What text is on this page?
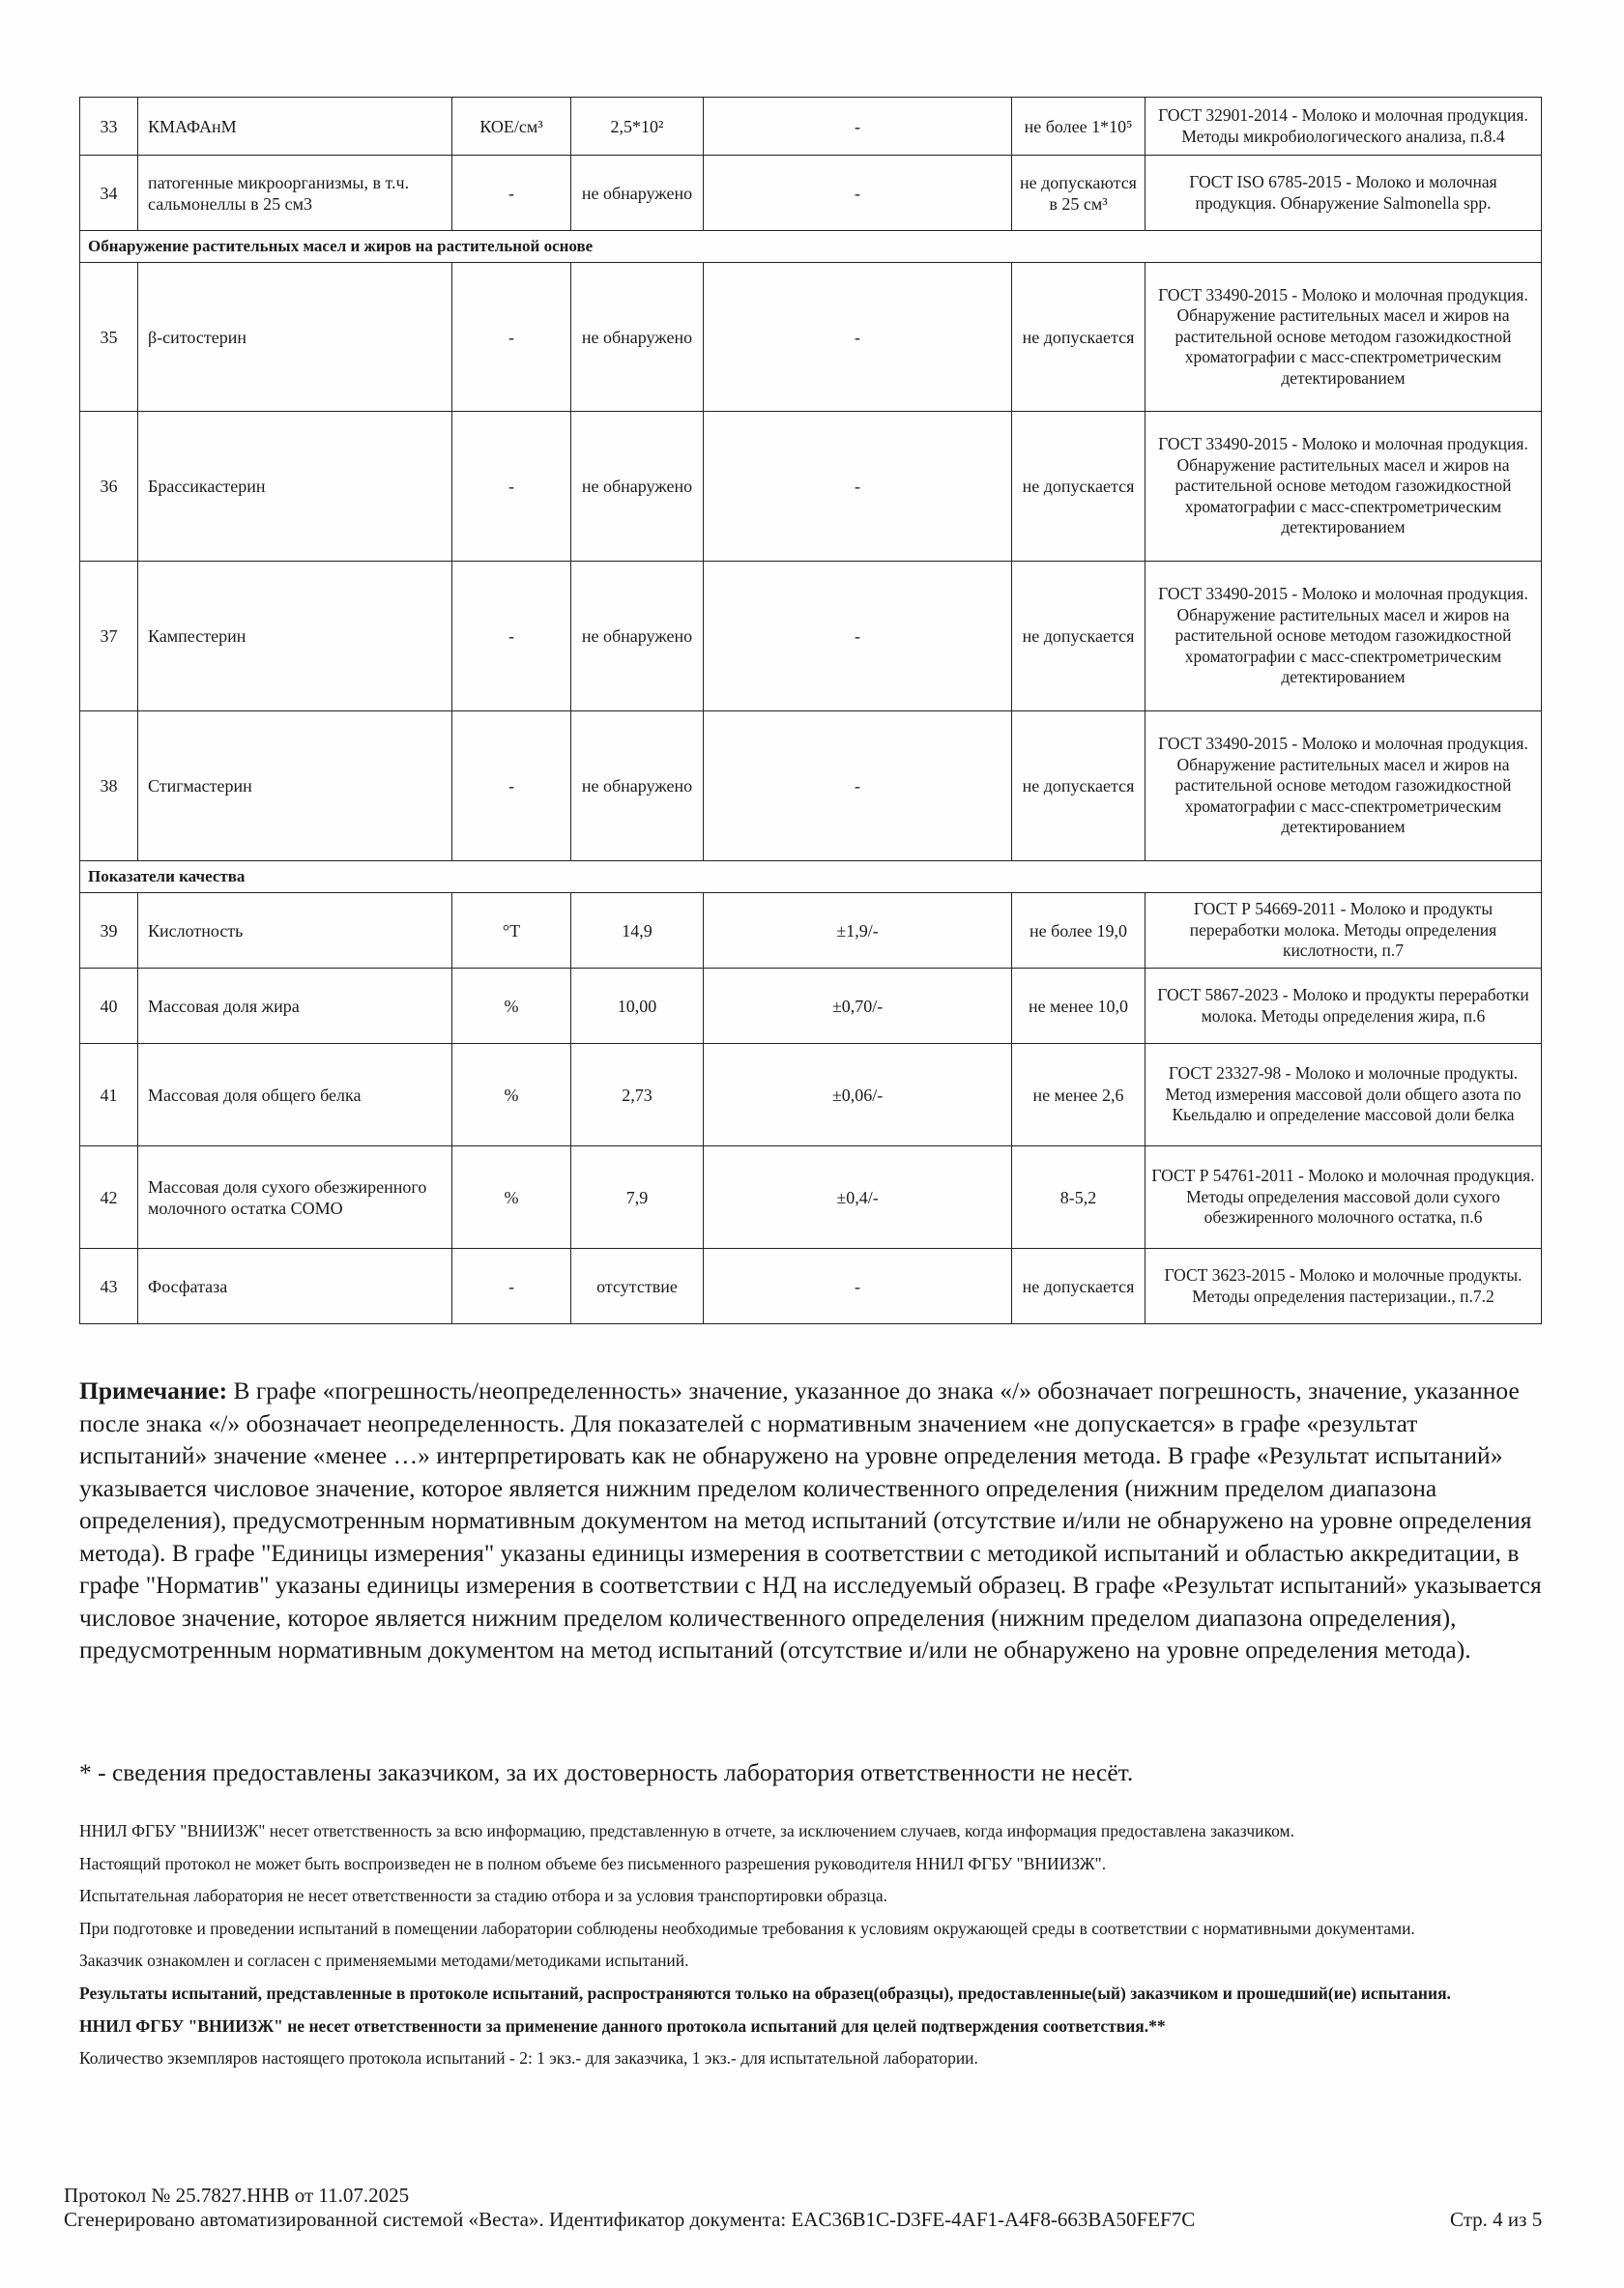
33	КМАФАнМ	КОЕ/см³	2,5*10²	-	не более 1*10⁵	ГОСТ 32901-2014 - Молоко и молочная продукция. Методы микробиологического анализа, п.8.4
34	патогенные микроорганизмы, в т.ч. сальмонеллы в 25 см3	-	не обнаружено	-	не допускаются в 25 см³	ГОСТ ISO 6785-2015 - Молоко и молочная продукция. Обнаружение Salmonella spp.
Обнаружение растительных масел и жиров на растительной основе						
35	β-ситостерин	-	не обнаружено	-	не допускается	ГОСТ 33490-2015 - Молоко и молочная продукция. Обнаружение растительных масел и жиров на растительной основе методом газожидкостной хроматографии с масс-спектрометрическим детектированием
36	Брассикастерин	-	не обнаружено	-	не допускается	ГОСТ 33490-2015 - Молоко и молочная продукция. Обнаружение растительных масел и жиров на растительной основе методом газожидкостной хроматографии с масс-спектрометрическим детектированием
37	Кампестерин	-	не обнаружено	-	не допускается	ГОСТ 33490-2015 - Молоко и молочная продукция. Обнаружение растительных масел и жиров на растительной основе методом газожидкостной хроматографии с масс-спектрометрическим детектированием
38	Стигмастерин	-	не обнаружено	-	не допускается	ГОСТ 33490-2015 - Молоко и молочная продукция. Обнаружение растительных масел и жиров на растительной основе методом газожидкостной хроматографии с масс-спектрометрическим детектированием
Показатели качества						
39	Кислотность	°Т	14,9	±1,9/-	не более 19,0	ГОСТ Р 54669-2011 - Молоко и продукты переработки молока. Методы определения кислотности, п.7
40	Массовая доля жира	%	10,00	±0,70/-	не менее 10,0	ГОСТ 5867-2023 - Молоко и продукты переработки молока. Методы определения жира, п.6
41	Массовая доля общего белка	%	2,73	±0,06/-	не менее 2,6	ГОСТ 23327-98 - Молоко и молочные продукты. Метод измерения массовой доли общего азота по Кьельдалю и определение массовой доли белка
42	Массовая доля сухого обезжиренного молочного остатка СОМО	%	7,9	±0,4/-	8-5,2	ГОСТ Р 54761-2011 - Молоко и молочная продукция. Методы определения массовой доли сухого обезжиренного молочного остатка, п.6
43	Фосфатаза	-	отсутствие	-	не допускается	ГОСТ 3623-2015 - Молоко и молочные продукты. Методы определения пастеризации., п.7.2
Примечание: В графе «погрешность/неопределенность» значение, указанное до знака «/» обозначает погрешность, значение, указанное после знака «/» обозначает неопределенность. Для показателей с нормативным значением «не допускается» в графе «результат испытаний» значение «менее …» интерпретировать как не обнаружено на уровне определения метода. В графе «Результат испытаний» указывается числовое значение, которое является нижним пределом количественного определения (нижним пределом диапазона определения), предусмотренным нормативным документом на метод испытаний (отсутствие и/или не обнаружено на уровне определения метода). В графе "Единицы измерения" указаны единицы измерения в соответствии с методикой испытаний и областью аккредитации, в графе "Норматив" указаны единицы измерения в соответствии с НД на исследуемый образец. В графе «Результат испытаний» указывается числовое значение, которое является нижним пределом количественного определения (нижним пределом диапазона определения), предусмотренным нормативным документом на метод испытаний (отсутствие и/или не обнаружено на уровне определения метода).
* - сведения предоставлены заказчиком, за их достоверность лаборатория ответственности не несёт.

ННИЛ ФГБУ "ВНИИЗЖ" несет ответственность за всю информацию, представленную в отчете, за исключением случаев, когда информация предоставлена заказчиком.

Настоящий протокол не может быть воспроизведен не в полном объеме без письменного разрешения руководителя ННИЛ ФГБУ "ВНИИЗЖ".

Испытательная лаборатория не несет ответственности за стадию отбора и за условия транспортировки образца.

При подготовке и проведении испытаний в помещении лаборатории соблюдены необходимые требования к условиям окружающей среды в соответствии с нормативными документами.

Заказчик ознакомлен и согласен с применяемыми методами/методиками испытаний.

Результаты испытаний, представленные в протоколе испытаний, распространяются только на образец(образцы), предоставленные(ый) заказчиком и прошедший(ие) испытания.

ННИЛ ФГБУ "ВНИИЗЖ" не несет ответственности за применение данного протокола испытаний для целей подтверждения соответствия.**

Количество экземпляров настоящего протокола испытаний - 2: 1 экз.- для заказчика, 1 экз.- для испытательной лаборатории.

Протокол № 25.7827.ННВ от 11.07.2025
Сгенерировано автоматизированной системой «Веста». Идентификатор документа: EAC36B1C-D3FE-4AF1-A4F8-663BA50FEF7C	Стр. 4 из 5
